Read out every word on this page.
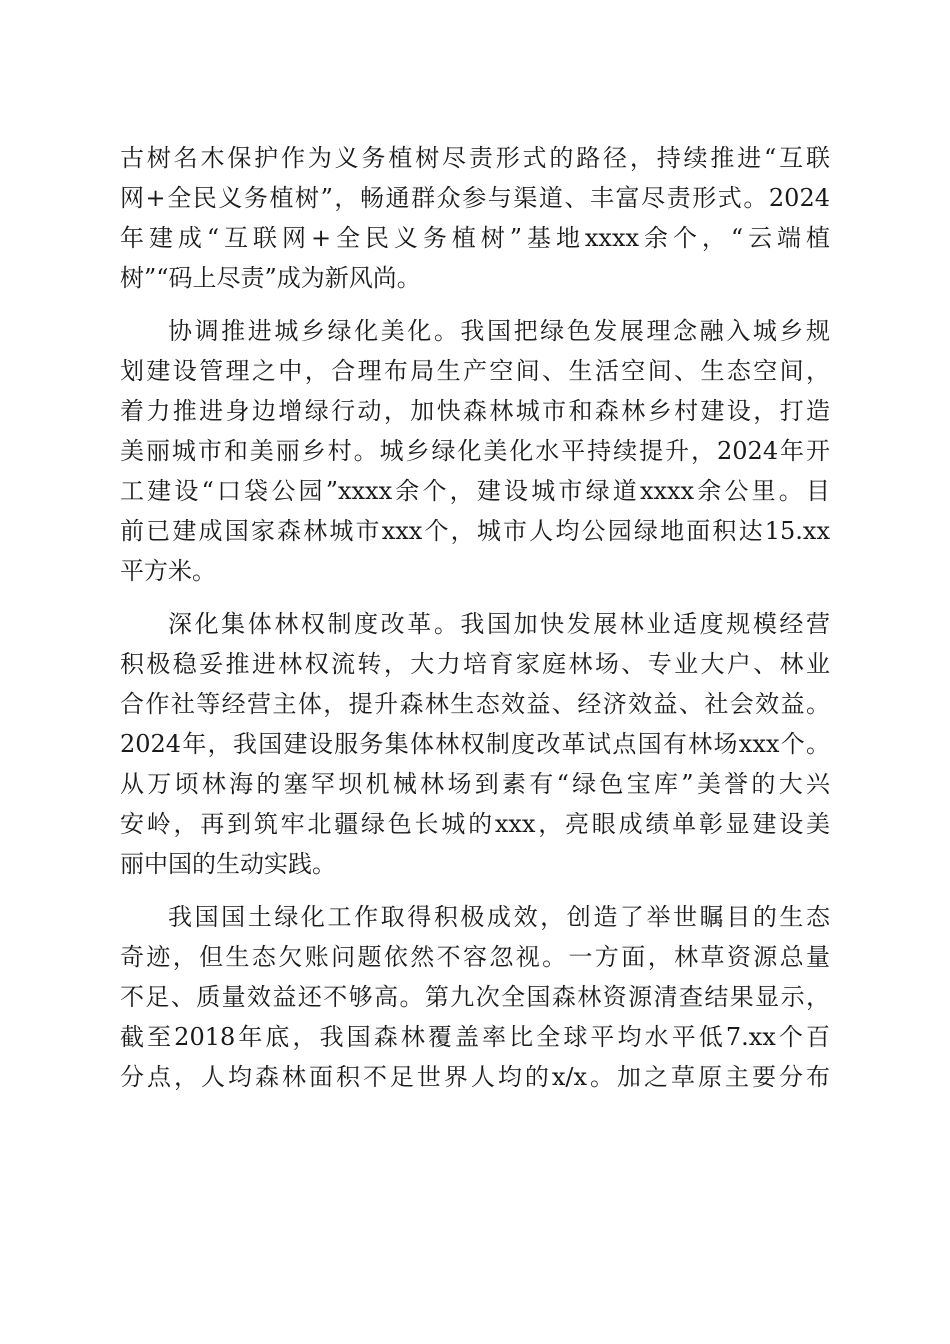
古树名木保护作为义务植树尽责形式的路径，持续推进“互联
网+全民义务植树”，畅通群众参与渠道、丰富尽责形式。2024
年建成“互联网+全民义务植树”基地xxxx余个，“云端植
树”“码上尽责”成为新风尚。
协调推进城乡绿化美化。我国把绿色发展理念融入城乡规
划建设管理之中，合理布局生产空间、生活空间、生态空间，
着力推进身边增绿行动，加快森林城市和森林乡村建设，打造
美丽城市和美丽乡村。城乡绿化美化水平持续提升，2024年开
工建设“口袋公园”xxxx余个，建设城市绿道xxxx余公里。目
前已建成国家森林城市xxx个，城市人均公园绿地面积达15.xx
平方米。
深化集体林权制度改革。我国加快发展林业适度规模经营
积极稳妥推进林权流转，大力培育家庭林场、专业大户、林业
合作社等经营主体，提升森林生态效益、经济效益、社会效益。
2024年，我国建设服务集体林权制度改革试点国有林场xxx个。
从万顷林海的塞罕坝机械林场到素有“绿色宝库”美誉的大兴
安岭，再到筑牢北疆绿色长城的xxx，亮眼成绩单彰显建设美
丽中国的生动实践。
我国国土绿化工作取得积极成效，创造了举世瞩目的生态
奇迹，但生态欠账问题依然不容忽视。一方面，林草资源总量
不足、质量效益还不够高。第九次全国森林资源清查结果显示，
截至2018年底，我国森林覆盖率比全球平均水平低7.xx个百
分点，人均森林面积不足世界人均的x/x。加之草原主要分布
